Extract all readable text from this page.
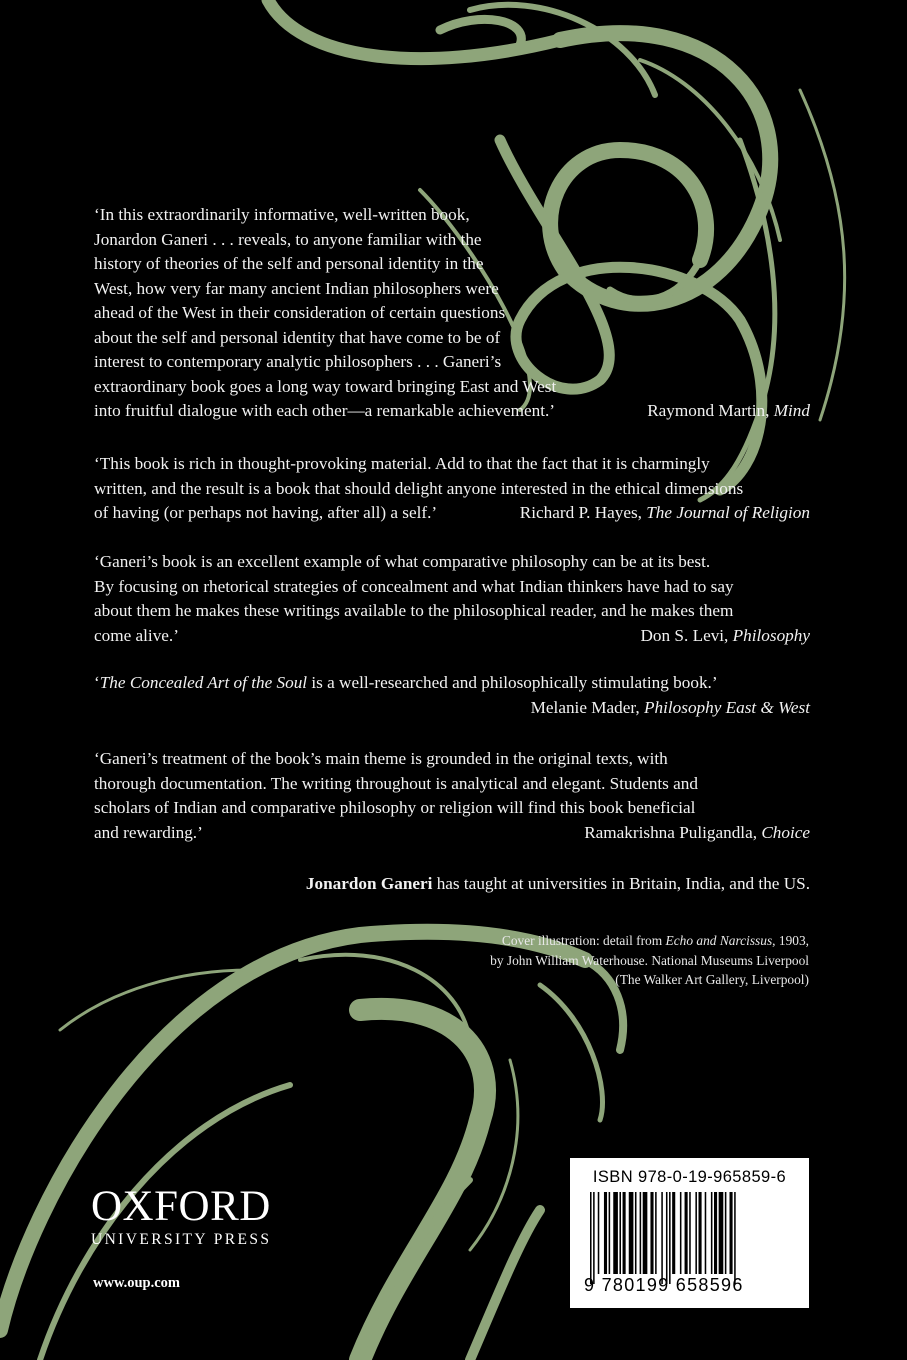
‘In this extraordinarily informative, well-written book,
Jonardon Ganeri . . . reveals, to anyone familiar with the
history of theories of the self and personal identity in the
West, how very far many ancient Indian philosophers were
ahead of the West in their consideration of certain questions
about the self and personal identity that have come to be of
interest to contemporary analytic philosophers . . . Ganeri’s
extraordinary book goes a long way toward bringing East and West
into fruitful dialogue with each other—a remarkable achievement.’	Raymond Martin, Mind
‘This book is rich in thought-provoking material. Add to that the fact that it is charmingly
written, and the result is a book that should delight anyone interested in the ethical dimensions
of having (or perhaps not having, after all) a self.’	Richard P. Hayes, The Journal of Religion
‘Ganeri’s book is an excellent example of what comparative philosophy can be at its best.
By focusing on rhetorical strategies of concealment and what Indian thinkers have had to say
about them he makes these writings available to the philosophical reader, and he makes them
come alive.’	Don S. Levi, Philosophy
‘The Concealed Art of the Soul is a well-researched and philosophically stimulating book.’
Melanie Mader, Philosophy East & West
‘Ganeri’s treatment of the book’s main theme is grounded in the original texts, with
thorough documentation. The writing throughout is analytical and elegant. Students and
scholars of Indian and comparative philosophy or religion will find this book beneficial
and rewarding.’	Ramakrishna Puligandla, Choice
Jonardon Ganeri has taught at universities in Britain, India, and the US.
Cover illustration: detail from Echo and Narcissus, 1903,
by John William Waterhouse. National Museums Liverpool
(The Walker Art Gallery, Liverpool)
OXFORD
UNIVERSITY PRESS
www.oup.com
ISBN 978-0-19-965859-6
9 780199 658596
